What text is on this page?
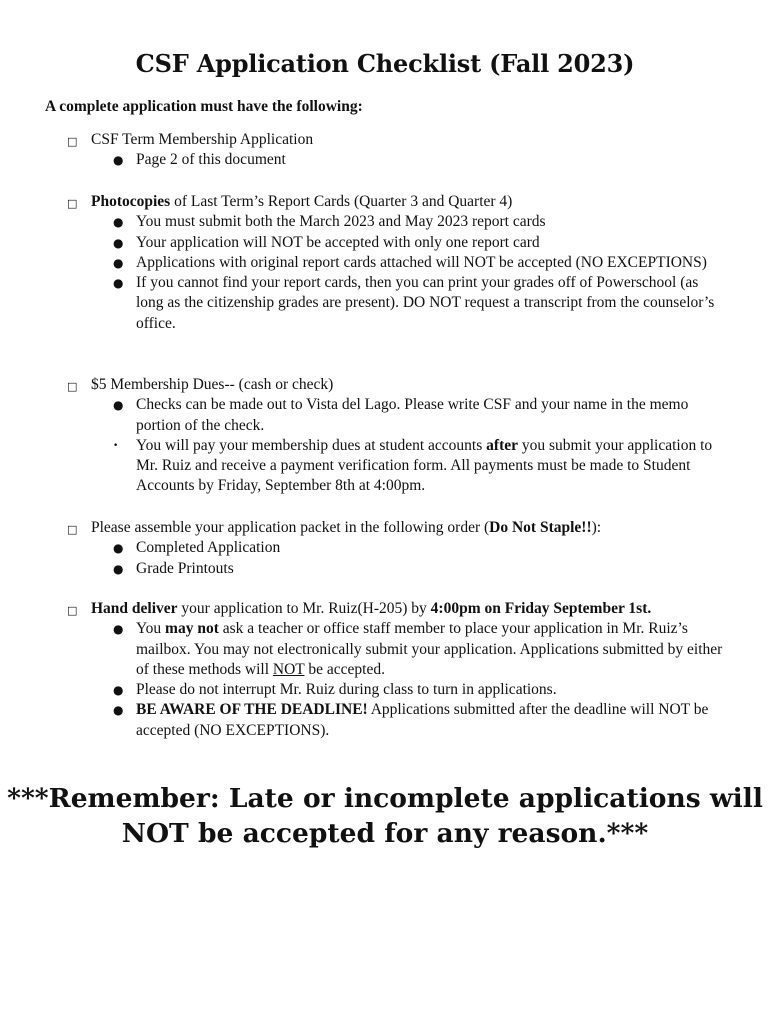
CSF Application Checklist (Fall 2023)
A complete application must have the following:
□ CSF Term Membership Application
● Page 2 of this document
□ Photocopies of Last Term’s Report Cards (Quarter 3 and Quarter 4)
● You must submit both the March 2023 and May 2023 report cards
● Your application will NOT be accepted with only one report card
● Applications with original report cards attached will NOT be accepted (NO EXCEPTIONS)
● If you cannot find your report cards, then you can print your grades off of Powerschool (as long as the citizenship grades are present). DO NOT request a transcript from the counselor’s office.
□ $5 Membership Dues-- (cash or check)
● Checks can be made out to Vista del Lago. Please write CSF and your name in the memo portion of the check.
• You will pay your membership dues at student accounts after you submit your application to Mr. Ruiz and receive a payment verification form. All payments must be made to Student Accounts by Friday, September 8th at 4:00pm.
□ Please assemble your application packet in the following order (Do Not Staple!!):
● Completed Application
● Grade Printouts
□ Hand deliver your application to Mr. Ruiz(H-205) by 4:00pm on Friday September 1st.
● You may not ask a teacher or office staff member to place your application in Mr. Ruiz’s mailbox. You may not electronically submit your application. Applications submitted by either of these methods will NOT be accepted.
● Please do not interrupt Mr. Ruiz during class to turn in applications.
● BE AWARE OF THE DEADLINE! Applications submitted after the deadline will NOT be accepted (NO EXCEPTIONS).
***Remember: Late or incomplete applications will
NOT be accepted for any reason.***
